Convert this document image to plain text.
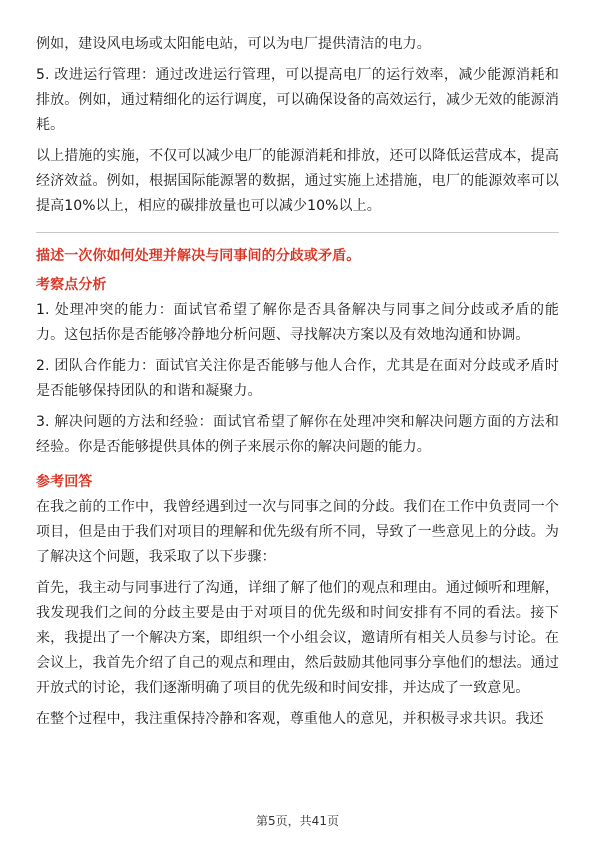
例如，建设风电场或太阳能电站，可以为电厂提供清洁的电力。

5. 改进运行管理：通过改进运行管理，可以提高电厂的运行效率，减少能源消耗和排放。例如，通过精细化的运行调度，可以确保设备的高效运行，减少无效的能源消耗。

以上措施的实施，不仅可以减少电厂的能源消耗和排放，还可以降低运营成本，提高经济效益。例如，根据国际能源署的数据，通过实施上述措施，电厂的能源效率可以提高10%以上，相应的碳排放量也可以减少10%以上。

描述一次你如何处理并解决与同事间的分歧或矛盾。

考察点分析

1. 处理冲突的能力：面试官希望了解你是否具备解决与同事之间分歧或矛盾的能力。这包括你是否能够冷静地分析问题、寻找解决方案以及有效地沟通和协调。

2. 团队合作能力：面试官关注你是否能够与他人合作，尤其是在面对分歧或矛盾时是否能够保持团队的和谐和凝聚力。

3. 解决问题的方法和经验：面试官希望了解你在处理冲突和解决问题方面的方法和经验。你是否能够提供具体的例子来展示你的解决问题的能力。

参考回答

在我之前的工作中，我曾经遇到过一次与同事之间的分歧。我们在工作中负责同一个项目，但是由于我们对项目的理解和优先级有所不同，导致了一些意见上的分歧。为了解决这个问题，我采取了以下步骤：

首先，我主动与同事进行了沟通，详细了解了他们的观点和理由。通过倾听和理解，我发现我们之间的分歧主要是由于对项目的优先级和时间安排有不同的看法。接下来，我提出了一个解决方案，即组织一个小组会议，邀请所有相关人员参与讨论。在会议上，我首先介绍了自己的观点和理由，然后鼓励其他同事分享他们的想法。通过开放式的讨论，我们逐渐明确了项目的优先级和时间安排，并达成了一致意见。

在整个过程中，我注重保持冷静和客观，尊重他人的意见，并积极寻求共识。我还

第5页，共41页
